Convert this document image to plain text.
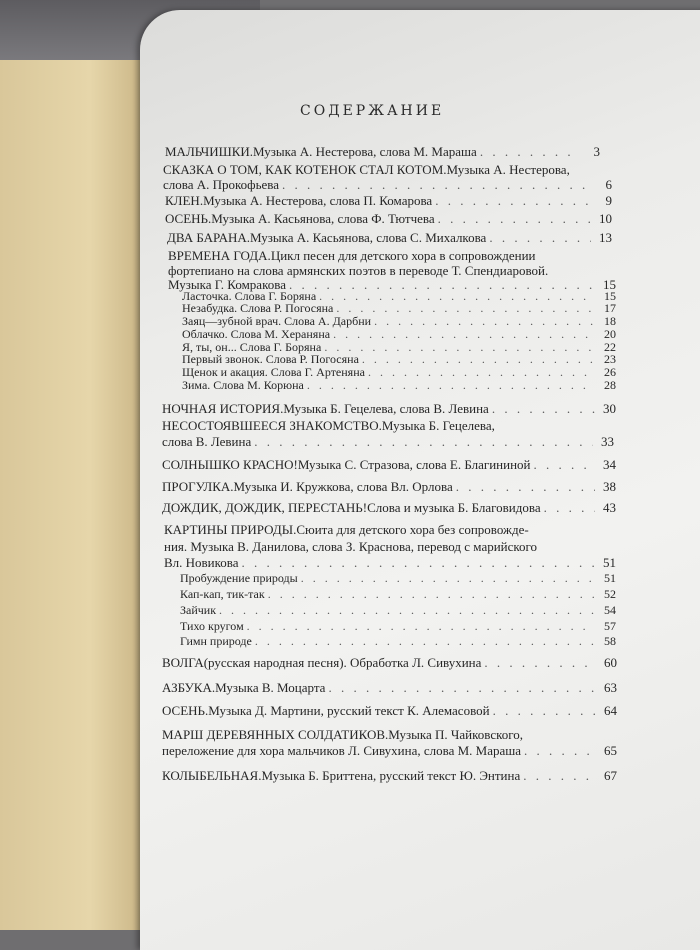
СОДЕРЖАНИЕ
МАЛЬЧИШКИ. Музыка А. Нестерова, слова М. Мараша . . .	3
СКАЗКА О ТОМ, КАК КОТЕНОК СТАЛ КОТОМ. Музыка А. Нестерова,
слова А. Прокофьева . . .	6
КЛЕН. Музыка А. Нестерова, слова П. Комарова . . .	9
ОСЕНЬ. Музыка А. Касьянова, слова Ф. Тютчева . . .	10
ДВА БАРАНА. Музыка А. Касьянова, слова С. Михалкова . . .	13
ВРЕМЕНА ГОДА. Цикл песен для детского хора в сопровождении
фортепиано на слова армянских поэтов в переводе Т. Спендиаровой.
Музыка Г. Комракова . . .	15
Ласточка. Слова Г. Боряна . . .	15
Незабудка. Слова Р. Погосяна . . .	17
Заяц—зубной врач. Слова А. Дарбни . . .	18
Облачко. Слова М. Хераняна . . .	20
Я, ты, он... Слова Г. Боряна . . .	22
Первый звонок. Слова Р. Погосяна . . .	23
Щенок и акация. Слова Г. Артеняна . . .	26
Зима. Слова М. Корюна . . .	28
НОЧНАЯ ИСТОРИЯ. Музыка Б. Гецелева, слова В. Левина . . .	30
НЕСОСТОЯВШЕЕСЯ ЗНАКОМСТВО. Музыка Б. Гецелева,
слова В. Левина . . .	33
СОЛНЫШКО КРАСНО! Музыка С. Стразова, слова Е. Благининой . . .	34
ПРОГУЛКА. Музыка И. Кружкова, слова Вл. Орлова . . .	38
ДОЖДИК, ДОЖДИК, ПЕРЕСТАНЬ! Слова и музыка Б. Благовидова . . .	43
КАРТИНЫ ПРИРОДЫ. Сюита для детского хора без сопровожде-
ния. Музыка В. Данилова, слова З. Краснова, перевод с марийского
Вл. Новикова . . .	51
Пробуждение природы . . .	51
Кап-кап, тик-так . . .	52
Зайчик . . .	54
Тихо кругом . . .	57
Гимн природе . . .	58
ВОЛГА (русская народная песня). Обработка Л. Сивухина . . .	60
АЗБУКА. Музыка В. Моцарта . . .	63
ОСЕНЬ. Музыка Д. Мартини, русский текст К. Алемасовой . . .	64
МАРШ ДЕРЕВЯННЫХ СОЛДАТИКОВ. Музыка П. Чайковского,
переложение для хора мальчиков Л. Сивухина, слова М. Мараша . . .	65
КОЛЫБЕЛЬНАЯ. Музыка Б. Бриттена, русский текст Ю. Энтина . . .	67
